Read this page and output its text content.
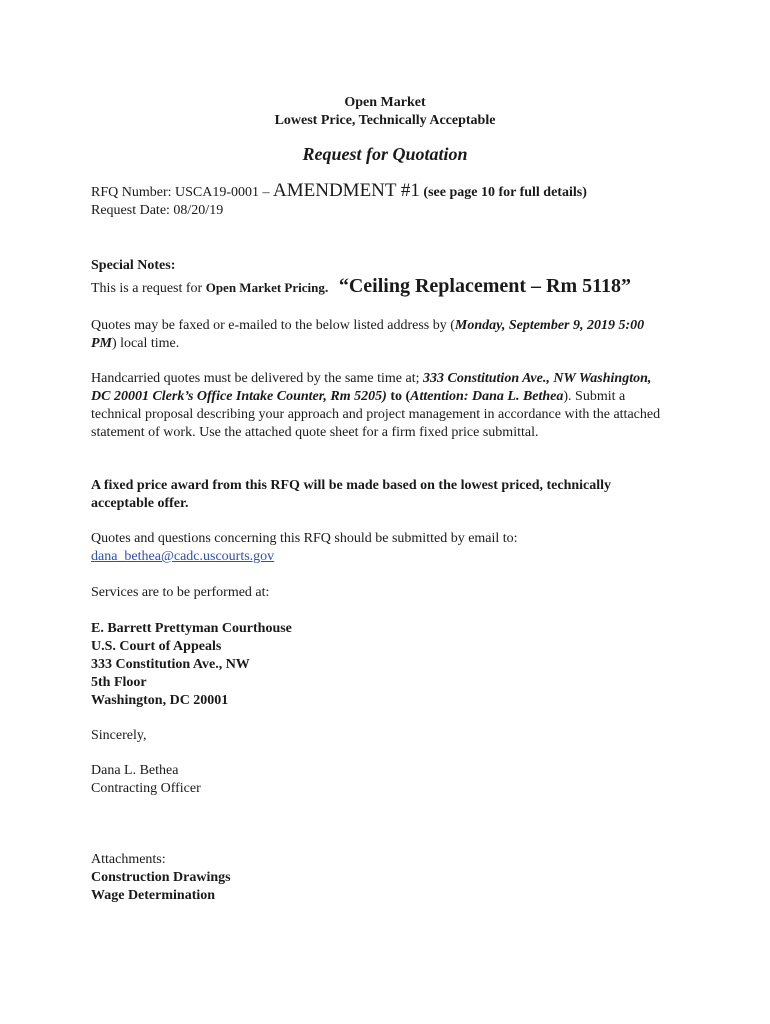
Open Market
Lowest Price, Technically Acceptable
Request for Quotation

RFQ Number: USCA19-0001 – AMENDMENT #1 (see page 10 for full details)

Request Date: 08/20/19

Special Notes:

This is a request for Open Market Pricing. “Ceiling Replacement – Rm 5118”

Quotes may be faxed or e-mailed to the below listed address by (Monday, September 9, 2019 5:00 PM) local time.

Handcarried quotes must be delivered by the same time at; 333 Constitution Ave., NW Washington, DC 20001 Clerk’s Office Intake Counter, Rm 5205) to (Attention: Dana L. Bethea). Submit a technical proposal describing your approach and project management in accordance with the attached statement of work. Use the attached quote sheet for a firm fixed price submittal.

A fixed price award from this RFQ will be made based on the lowest priced, technically acceptable offer.

Quotes and questions concerning this RFQ should be submitted by email to:

dana_bethea@cadc.uscourts.gov

Services are to be performed at:

E. Barrett Prettyman Courthouse

U.S. Court of Appeals

333 Constitution Ave., NW

5th Floor

Washington, DC 20001

Sincerely,

Dana L. Bethea

Contracting Officer

Attachments:

Construction Drawings

Wage Determination
